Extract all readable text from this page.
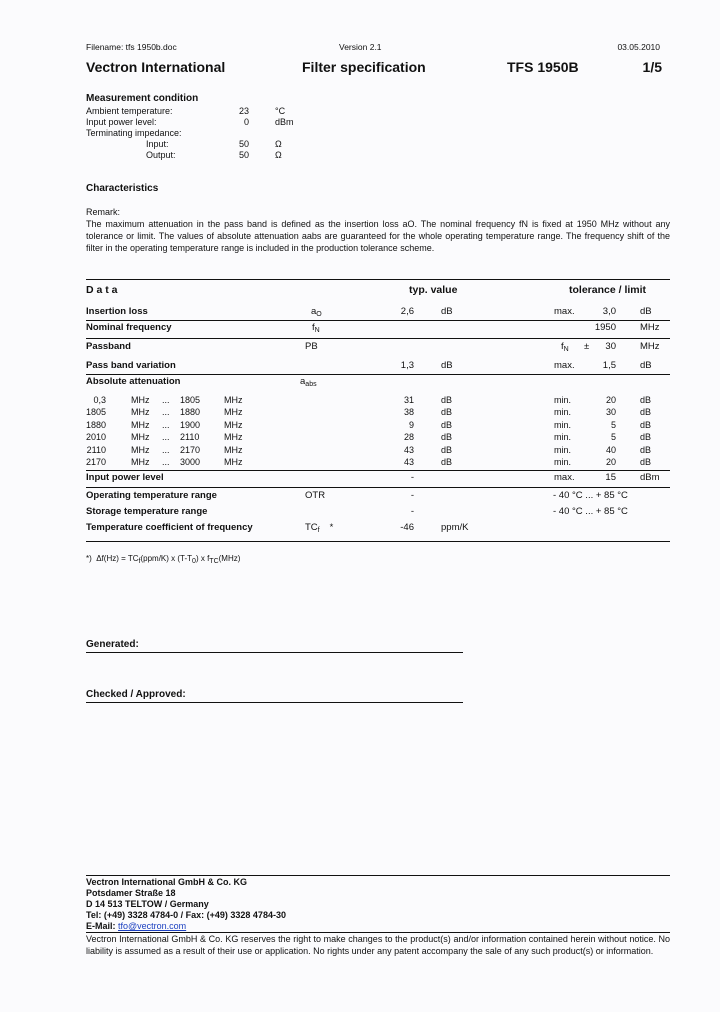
Filename: tfs 1950b.doc	Version 2.1	03.05.2010
Vectron International	Filter specification	TFS 1950B	1/5
Measurement condition
Ambient temperature:	23	°C
Input power level:	0	dBm
Terminating impedance:
Input:	50	Ω
Output:	50	Ω
Characteristics
Remark:
The maximum attenuation in the pass band is defined as the insertion loss aO. The nominal frequency fN is fixed at 1950 MHz without any tolerance or limit. The values of absolute attenuation aabs are guaranteed for the whole operating temperature range. The frequency shift of the filter in the operating temperature range is included in the production tolerance scheme.
D a t a	typ. value	tolerance / limit
Insertion loss	$a_O$	2,6	dB	max.	3,0	dB
Nominal frequency	$f_N$	1950	MHz
Passband	PB	$f_N$ ±	30	MHz
Pass band variation	1,3	dB	max.	1,5	dB
Absolute attenuation	$a_{abs}$
0,3	MHz ... 1805	MHz	31	dB	min.	20	dB
1805	MHz ... 1880	MHz	38	dB	min.	30	dB
1880	MHz ... 1900	MHz	9	dB	min.	5	dB
2010	MHz ... 2110	MHz	28	dB	min.	5	dB
2110	MHz ... 2170	MHz	43	dB	min.	40	dB
2170	MHz ... 3000	MHz	43	dB	min.	20	dB
Input power level	-	max.	15	dBm
Operating temperature range	OTR	-	- 40 °C ... + 85 °C
Storage temperature range	-	- 40 °C ... + 85 °C
Temperature coefficient of frequency	$TC_f$ *	-46	ppm/K
*)  $\Delta f(Hz) = TC_f(ppm/K)$ x $(T-T_0)$ x $f_{TC}(MHz)$
Generated:
Checked / Approved:
Vectron International GmbH & Co. KG
Potsdamer Straße 18
D 14 513 TELTOW / Germany
Tel: (+49) 3328 4784-0 / Fax: (+49) 3328 4784-30
E-Mail: tfo@vectron.com
Vectron International GmbH & Co. KG reserves the right to make changes to the product(s) and/or information contained herein without notice. No liability is assumed as a result of their use or application. No rights under any patent accompany the sale of any such product(s) or information.
